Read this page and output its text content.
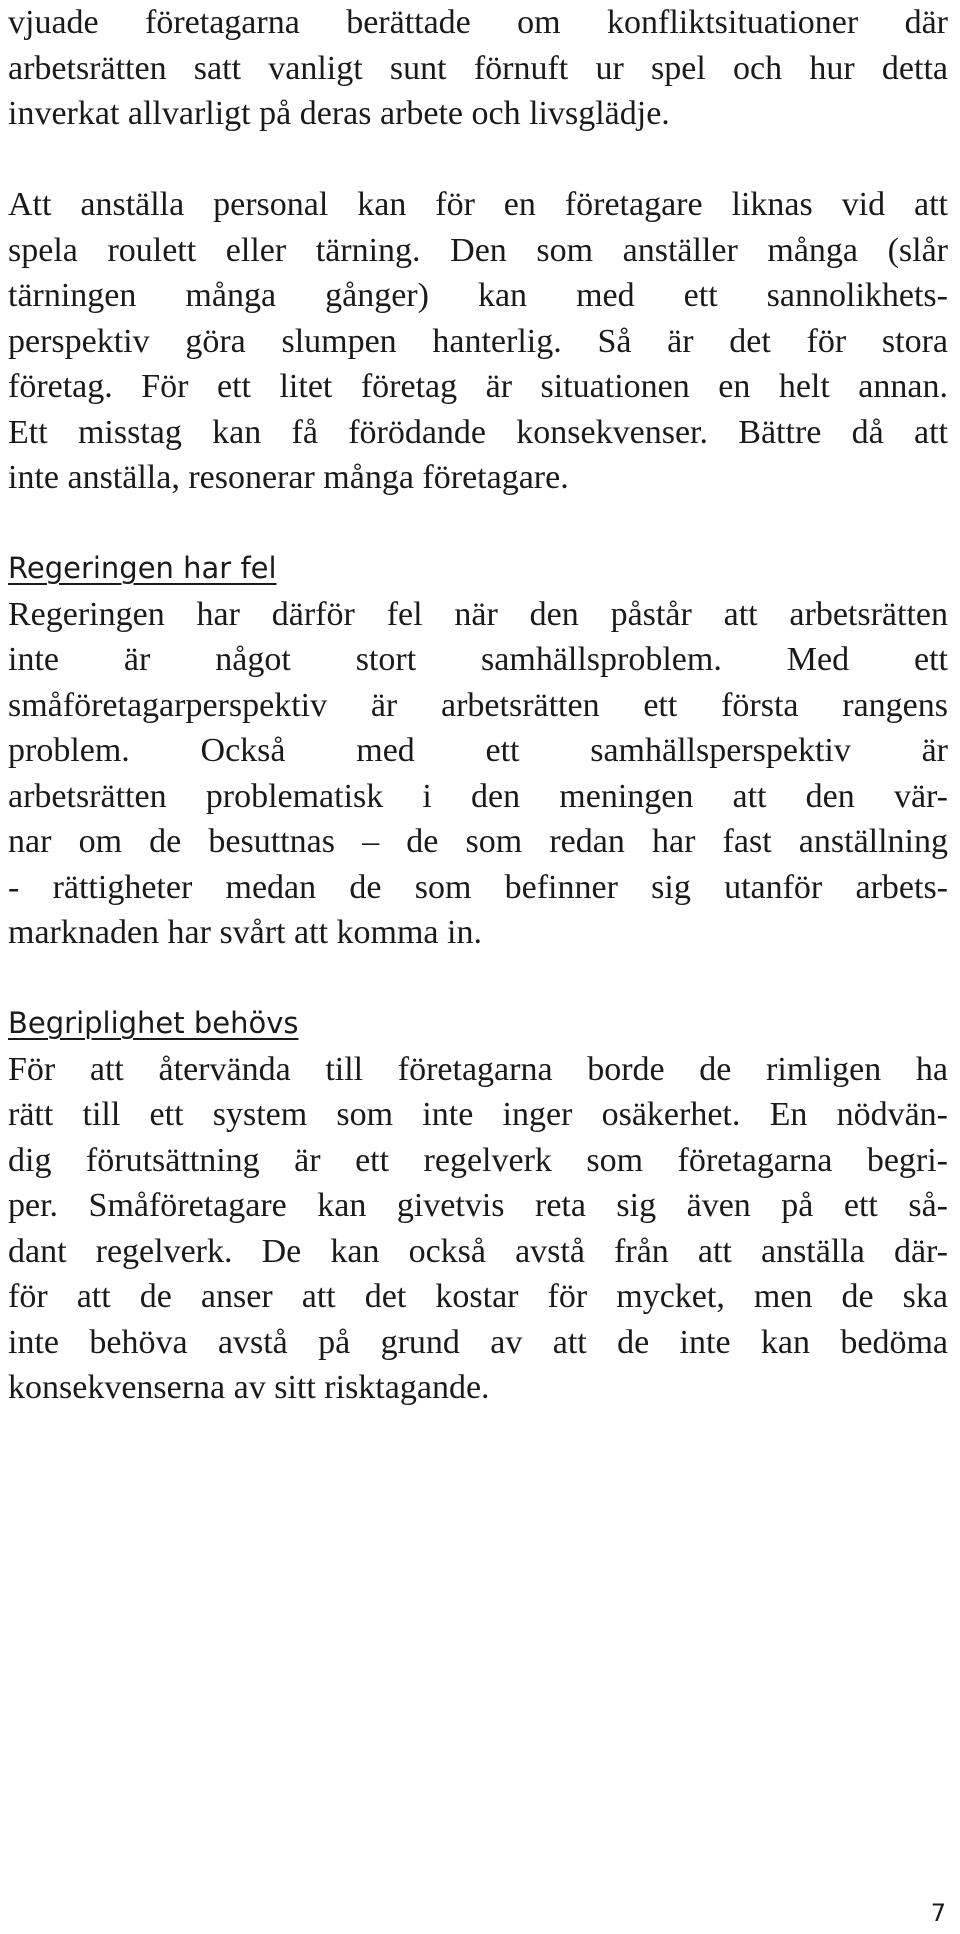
vjuade företagarna berättade om konfliktsituationer där
arbetsrätten satt vanligt sunt förnuft ur spel och hur detta
inverkat allvarligt på deras arbete och livsglädje.
Att anställa personal kan för en företagare liknas vid att
spela roulett eller tärning. Den som anställer många (slår
tärningen många gånger) kan med ett sannolikhets-
perspektiv göra slumpen hanterlig. Så är det för stora
företag. För ett litet företag är situationen en helt annan.
Ett misstag kan få förödande konsekvenser. Bättre då att
inte anställa, resonerar många företagare.
Regeringen har fel
Regeringen har därför fel när den påstår att arbetsrätten
inte är något stort samhällsproblem. Med ett
småföretagarperspektiv är arbetsrätten ett första rangens
problem. Också med ett samhällsperspektiv är
arbetsrätten problematisk i den meningen att den vär-
nar om de besuttnas – de som redan har fast anställning
- rättigheter medan de som befinner sig utanför arbets-
marknaden har svårt att komma in.
Begriplighet behövs
För att återvända till företagarna borde de rimligen ha
rätt till ett system som inte inger osäkerhet. En nödvän-
dig förutsättning är ett regelverk som företagarna begri-
per. Småföretagare kan givetvis reta sig även på ett så-
dant regelverk. De kan också avstå från att anställa där-
för att de anser att det kostar för mycket, men de ska
inte behöva avstå på grund av att de inte kan bedöma
konsekvenserna av sitt risktagande.
7
